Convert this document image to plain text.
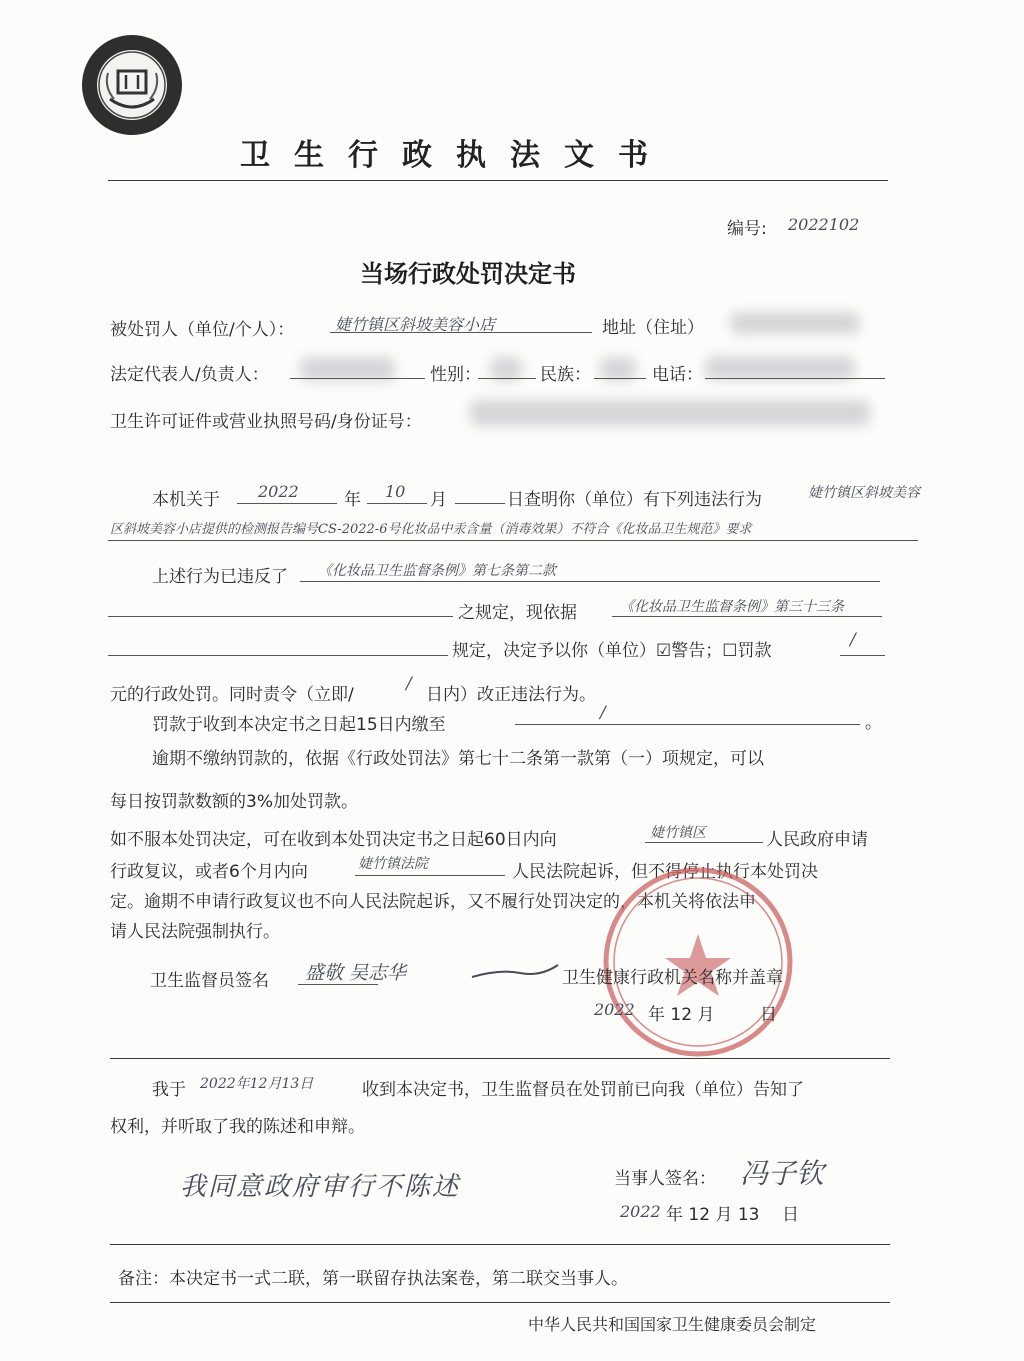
卫生行政执法文书
编号: 2022102
当场行政处罚决定书
被处罚人（单位/个人）：	婕竹镇区斜坡美容小店	地址（住址）
法定代表人/负责人：	性别：	民族：	电话：
卫生许可证件或营业执照号码/身份证号：
本机关于 2022	年 10 月	日查明你（单位）有下列违法行为	婕竹镇区斜坡美容
区斜坡美容小店提供的检测报告编号CS-2022-6号化妆品中汞含量（消毒效果）不符合《化妆品卫生规范》要求
上述行为已违反了 《化妆品卫生监督条例》第七条第二款
之规定，现依据	《化妆品卫生监督条例》第三十三条
规定，决定予以你（单位）☑警告；☐罚款
/
元的行政处罚。同时责令（立即/
/
日内）改正违法行为。
罚款于收到本决定书之日起15日内缴至
/	。
逾期不缴纳罚款的，依据《行政处罚法》第七十二条第一款第（一）项规定，可以
每日按罚款数额的3%加处罚款。
如不服本处罚决定，可在收到本处罚决定书之日起60日内向	婕竹镇区	人民政府申请
行政复议，或者6个月内向	婕竹镇法院	人民法院起诉，但不得停止执行本处罚决
定。逾期不申请行政复议也不向人民法院起诉，又不履行处罚决定的，本机关将依法申
请人民法院强制执行。
卫生监督员签名 盛敬 吴志华	卫生健康行政机关名称并盖章
2022 年 12 月	日
我于 2022年12月13日	收到本决定书，卫生监督员在处罚前已向我（单位）告知了
权利，并听取了我的陈述和申辩。
我同意政府审行不陈述	当事人签名： 冯子钦
2022 年 12 月 13 日
备注：本决定书一式二联，第一联留存执法案卷，第二联交当事人。
中华人民共和国国家卫生健康委员会制定
